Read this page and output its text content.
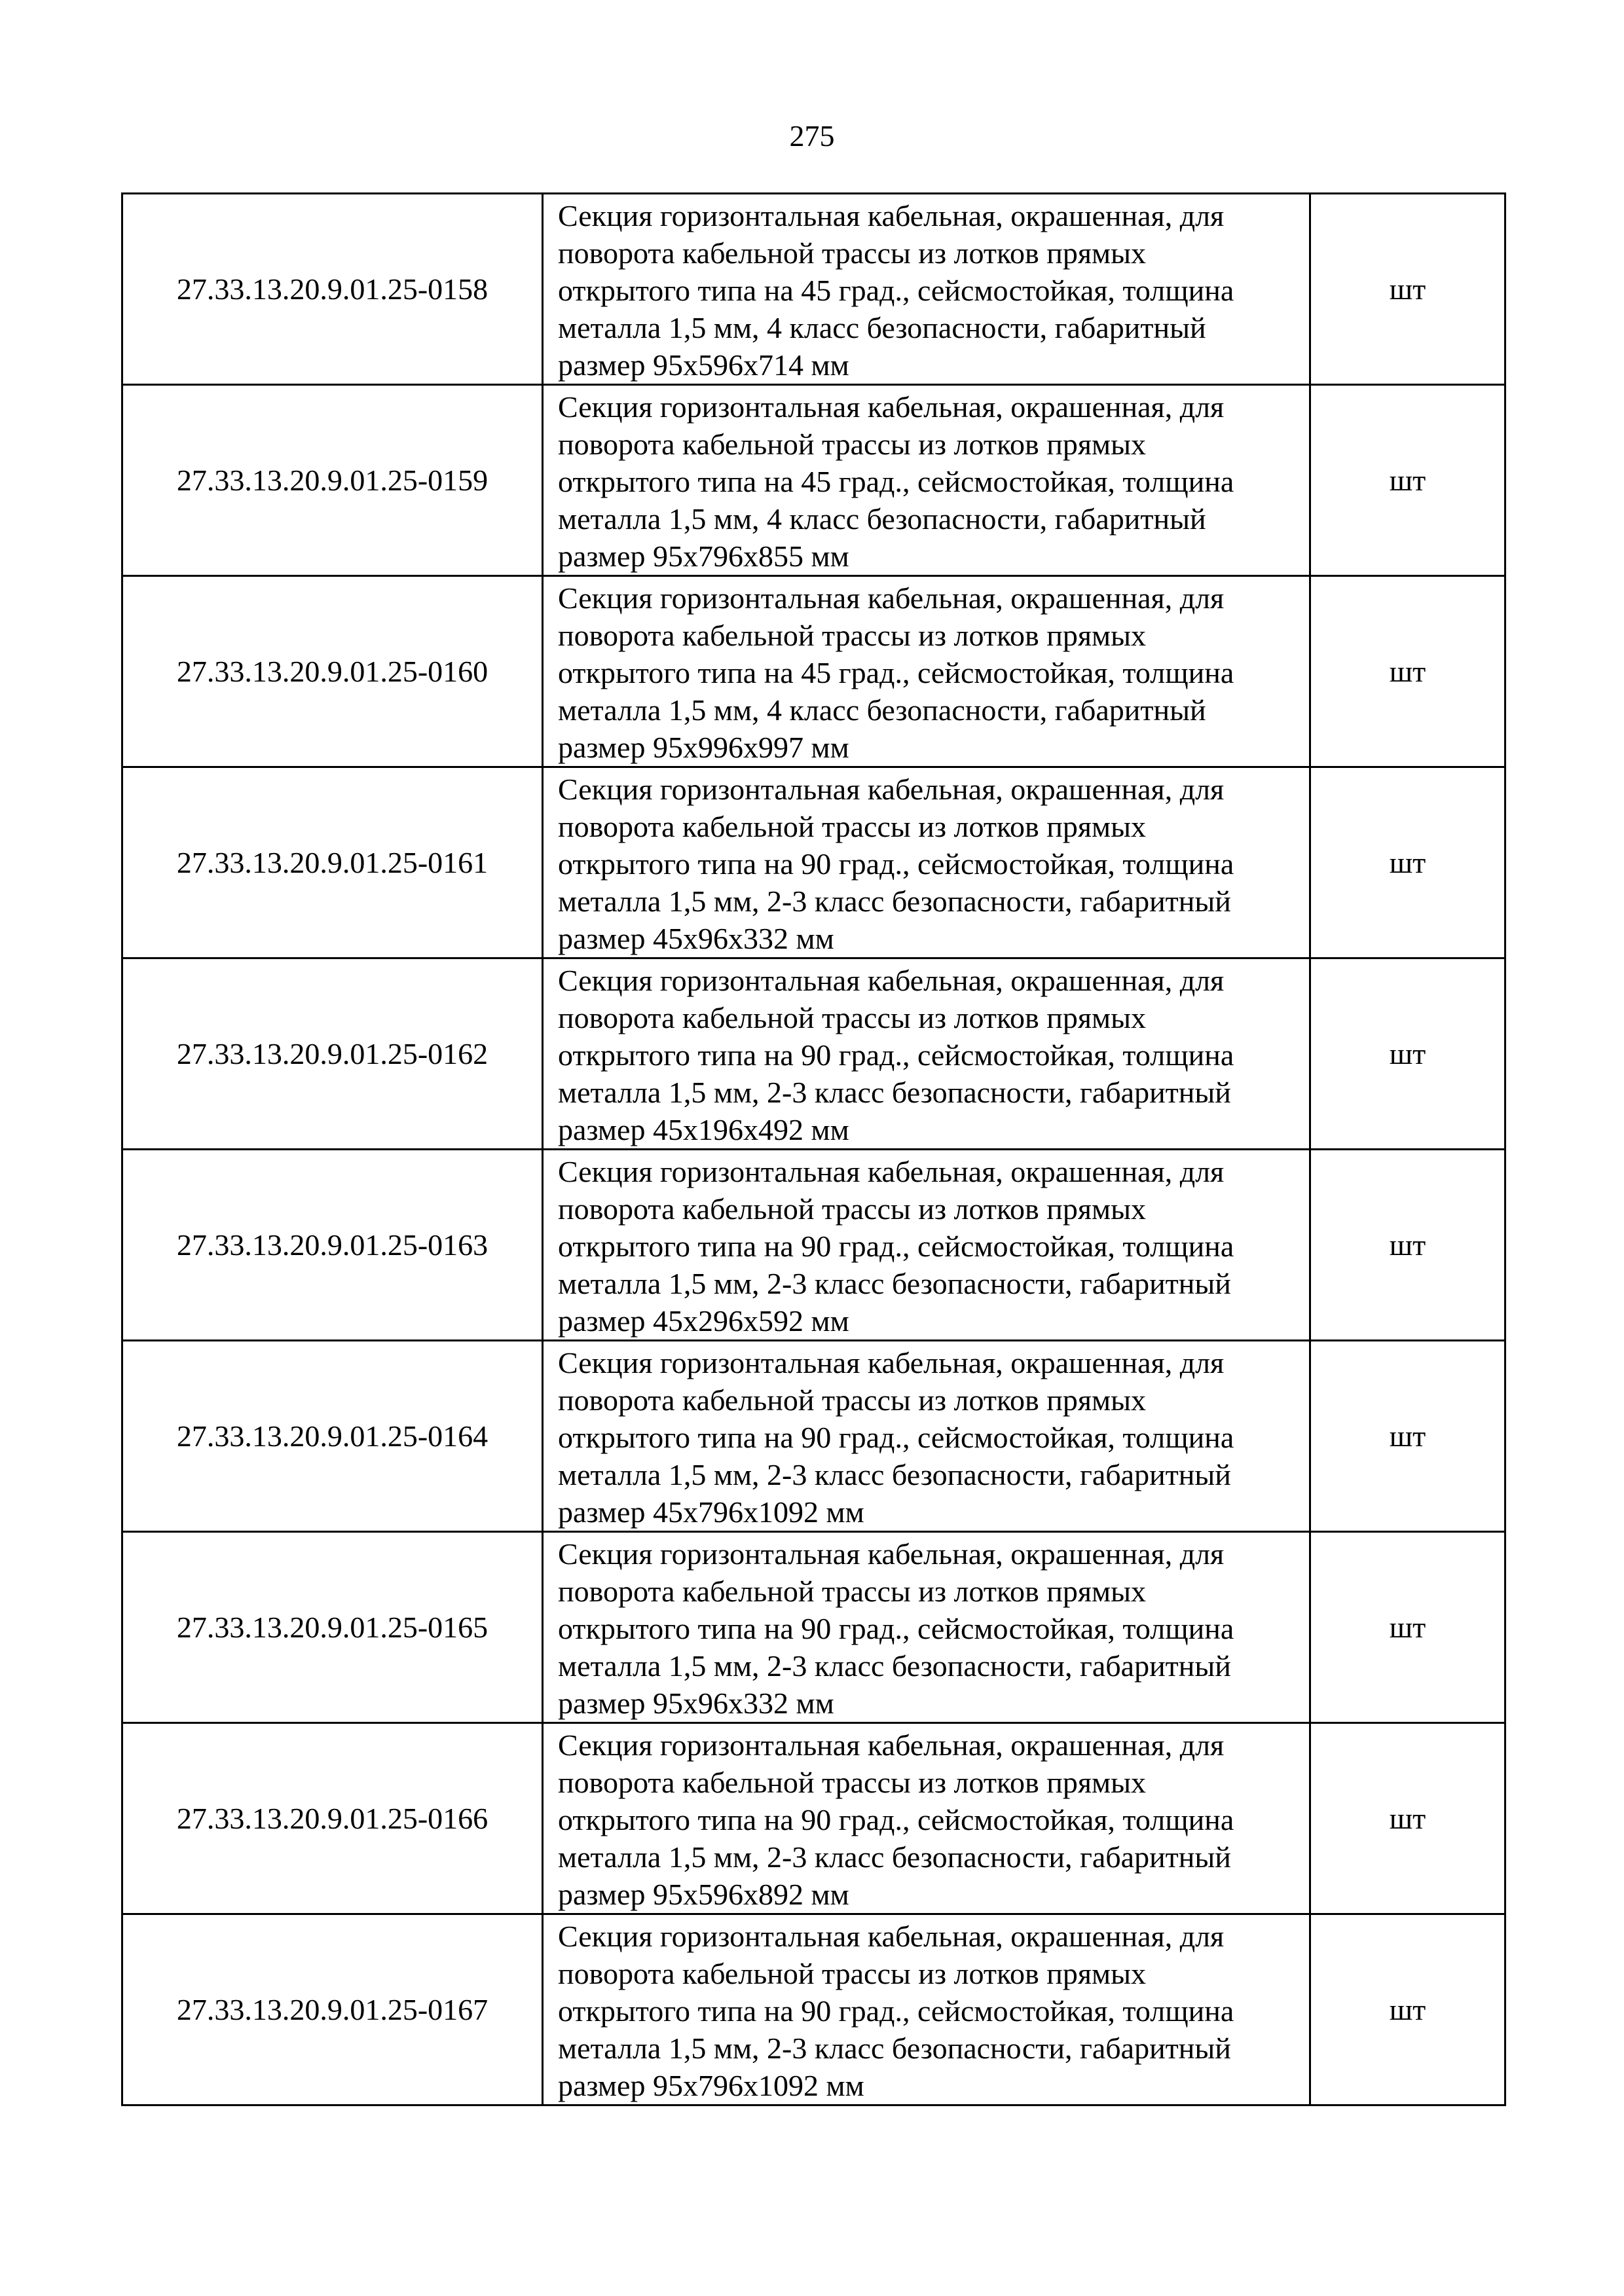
275
27.33.13.20.9.01.25-0158	Секция горизонтальная кабельная, окрашенная, для
поворота кабельной трассы из лотков прямых
открытого типа на 45 град., сейсмостойкая, толщина
металла 1,5 мм, 4 класс безопасности, габаритный
размер 95х596х714 мм	шт
27.33.13.20.9.01.25-0159	Секция горизонтальная кабельная, окрашенная, для
поворота кабельной трассы из лотков прямых
открытого типа на 45 град., сейсмостойкая, толщина
металла 1,5 мм, 4 класс безопасности, габаритный
размер 95х796х855 мм	шт
27.33.13.20.9.01.25-0160	Секция горизонтальная кабельная, окрашенная, для
поворота кабельной трассы из лотков прямых
открытого типа на 45 град., сейсмостойкая, толщина
металла 1,5 мм, 4 класс безопасности, габаритный
размер 95х996х997 мм	шт
27.33.13.20.9.01.25-0161	Секция горизонтальная кабельная, окрашенная, для
поворота кабельной трассы из лотков прямых
открытого типа на 90 град., сейсмостойкая, толщина
металла 1,5 мм, 2-3 класс безопасности, габаритный
размер 45х96х332 мм	шт
27.33.13.20.9.01.25-0162	Секция горизонтальная кабельная, окрашенная, для
поворота кабельной трассы из лотков прямых
открытого типа на 90 град., сейсмостойкая, толщина
металла 1,5 мм, 2-3 класс безопасности, габаритный
размер 45х196х492 мм	шт
27.33.13.20.9.01.25-0163	Секция горизонтальная кабельная, окрашенная, для
поворота кабельной трассы из лотков прямых
открытого типа на 90 град., сейсмостойкая, толщина
металла 1,5 мм, 2-3 класс безопасности, габаритный
размер 45х296х592 мм	шт
27.33.13.20.9.01.25-0164	Секция горизонтальная кабельная, окрашенная, для
поворота кабельной трассы из лотков прямых
открытого типа на 90 град., сейсмостойкая, толщина
металла 1,5 мм, 2-3 класс безопасности, габаритный
размер 45х796х1092 мм	шт
27.33.13.20.9.01.25-0165	Секция горизонтальная кабельная, окрашенная, для
поворота кабельной трассы из лотков прямых
открытого типа на 90 град., сейсмостойкая, толщина
металла 1,5 мм, 2-3 класс безопасности, габаритный
размер 95х96х332 мм	шт
27.33.13.20.9.01.25-0166	Секция горизонтальная кабельная, окрашенная, для
поворота кабельной трассы из лотков прямых
открытого типа на 90 град., сейсмостойкая, толщина
металла 1,5 мм, 2-3 класс безопасности, габаритный
размер 95х596х892 мм	шт
27.33.13.20.9.01.25-0167	Секция горизонтальная кабельная, окрашенная, для
поворота кабельной трассы из лотков прямых
открытого типа на 90 град., сейсмостойкая, толщина
металла 1,5 мм, 2-3 класс безопасности, габаритный
размер 95х796х1092 мм	шт
